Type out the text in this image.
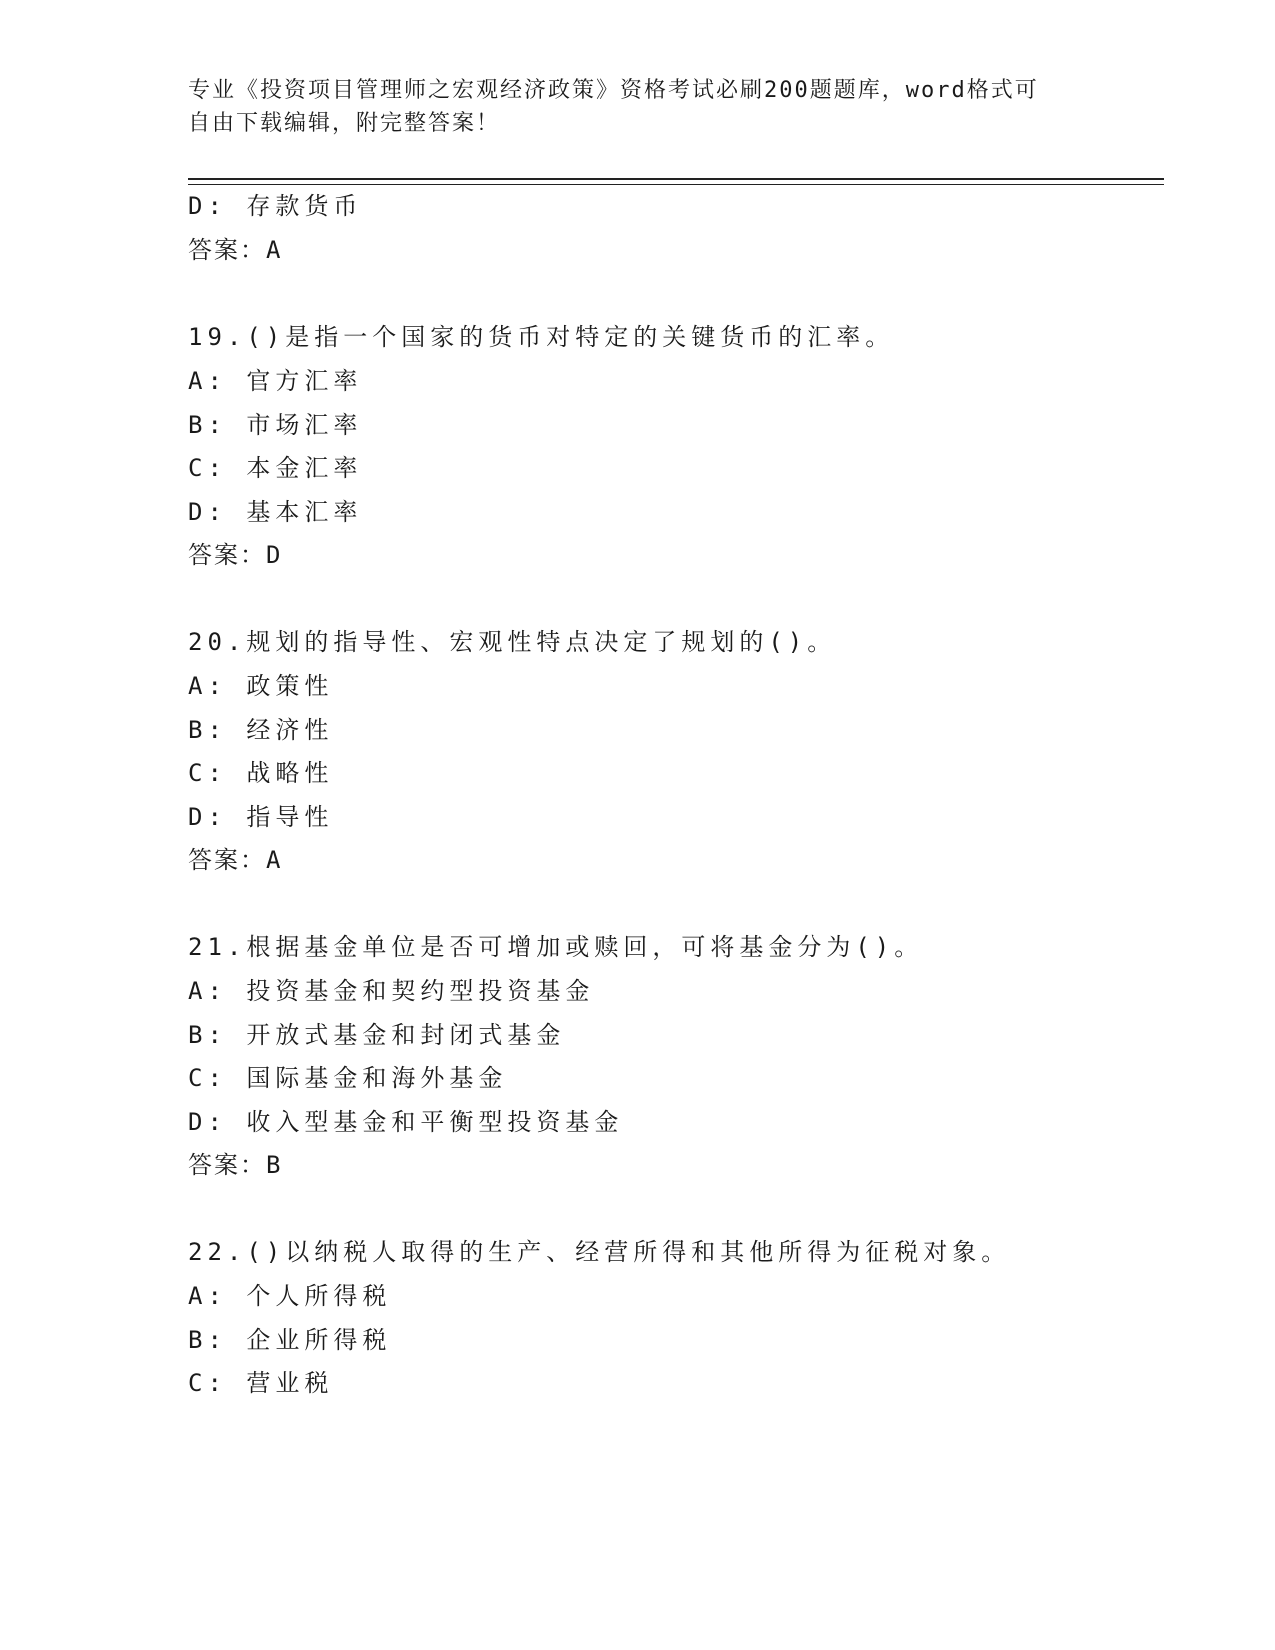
专业《投资项目管理师之宏观经济政策》资格考试必刷200题题库，word格式可
自由下载编辑，附完整答案！
D: 存款货币
答案：A
19.()是指一个国家的货币对特定的关键货币的汇率。
A: 官方汇率
B: 市场汇率
C: 本金汇率
D: 基本汇率
答案：D
20.规划的指导性、宏观性特点决定了规划的()。
A: 政策性
B: 经济性
C: 战略性
D: 指导性
答案：A
21.根据基金单位是否可增加或赎回，可将基金分为()。
A: 投资基金和契约型投资基金
B: 开放式基金和封闭式基金
C: 国际基金和海外基金
D: 收入型基金和平衡型投资基金
答案：B
22.()以纳税人取得的生产、经营所得和其他所得为征税对象。
A: 个人所得税
B: 企业所得税
C: 营业税
